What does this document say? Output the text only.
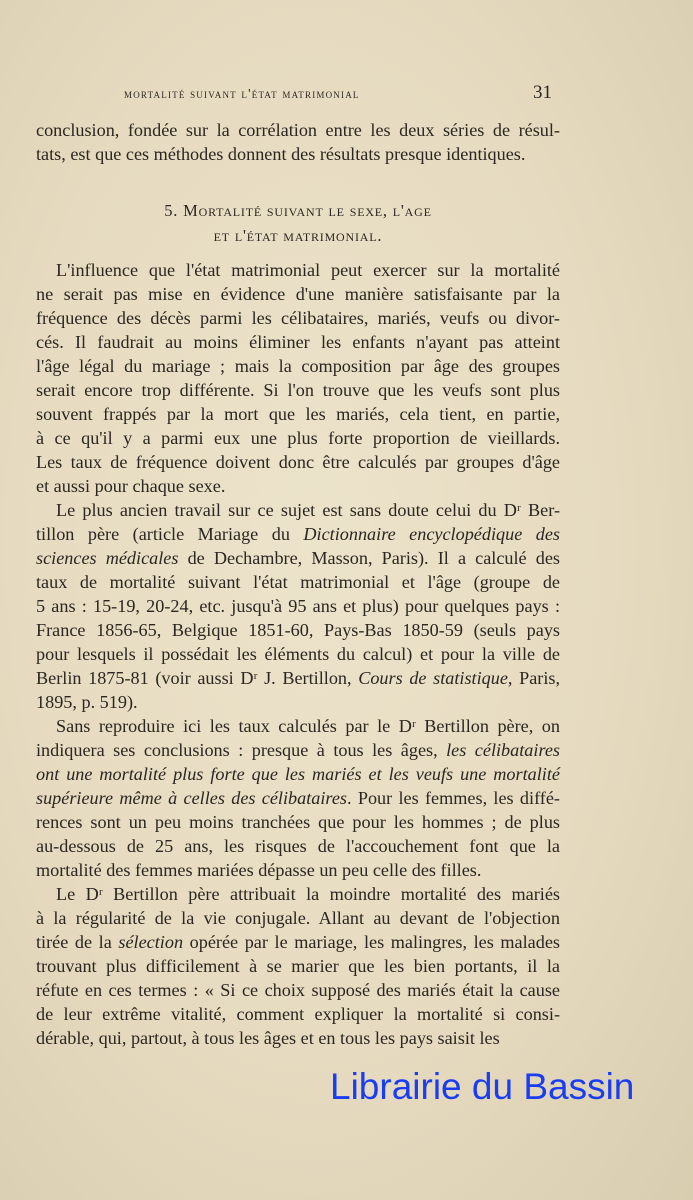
mortalité suivant l'état matrimonial	31
conclusion, fondée sur la corrélation entre les deux séries de résul-
tats, est que ces méthodes donnent des résultats presque identiques.
5. Mortalité suivant le sexe, l'age
et l'état matrimonial.
L'influence que l'état matrimonial peut exercer sur la mortalité
ne serait pas mise en évidence d'une manière satisfaisante par la
fréquence des décès parmi les célibataires, mariés, veufs ou divor-
cés. Il faudrait au moins éliminer les enfants n'ayant pas atteint
l'âge légal du mariage ; mais la composition par âge des groupes
serait encore trop différente. Si l'on trouve que les veufs sont plus
souvent frappés par la mort que les mariés, cela tient, en partie,
à ce qu'il y a parmi eux une plus forte proportion de vieillards.
Les taux de fréquence doivent donc être calculés par groupes d'âge
et aussi pour chaque sexe.
Le plus ancien travail sur ce sujet est sans doute celui du Dʳ Ber-
tillon père (article Mariage du Dictionnaire encyclopédique des
sciences médicales de Dechambre, Masson, Paris). Il a calculé des
taux de mortalité suivant l'état matrimonial et l'âge (groupe de
5 ans : 15-19, 20-24, etc. jusqu'à 95 ans et plus) pour quelques pays :
France 1856-65, Belgique 1851-60, Pays-Bas 1850-59 (seuls pays
pour lesquels il possédait les éléments du calcul) et pour la ville de
Berlin 1875-81 (voir aussi Dʳ J. Bertillon, Cours de statistique, Paris,
1895, p. 519).
Sans reproduire ici les taux calculés par le Dʳ Bertillon père, on
indiquera ses conclusions : presque à tous les âges, les célibataires
ont une mortalité plus forte que les mariés et les veufs une mortalité
supérieure même à celles des célibataires. Pour les femmes, les diffé-
rences sont un peu moins tranchées que pour les hommes ; de plus
au-dessous de 25 ans, les risques de l'accouchement font que la
mortalité des femmes mariées dépasse un peu celle des filles.
Le Dʳ Bertillon père attribuait la moindre mortalité des mariés
à la régularité de la vie conjugale. Allant au devant de l'objection
tirée de la sélection opérée par le mariage, les malingres, les malades
trouvant plus difficilement à se marier que les bien portants, il la
réfute en ces termes : « Si ce choix supposé des mariés était la cause
de leur extrême vitalité, comment expliquer la mortalité si consi-
dérable, qui, partout, à tous les âges et en tous les pays saisit les
Librairie du Bassin
